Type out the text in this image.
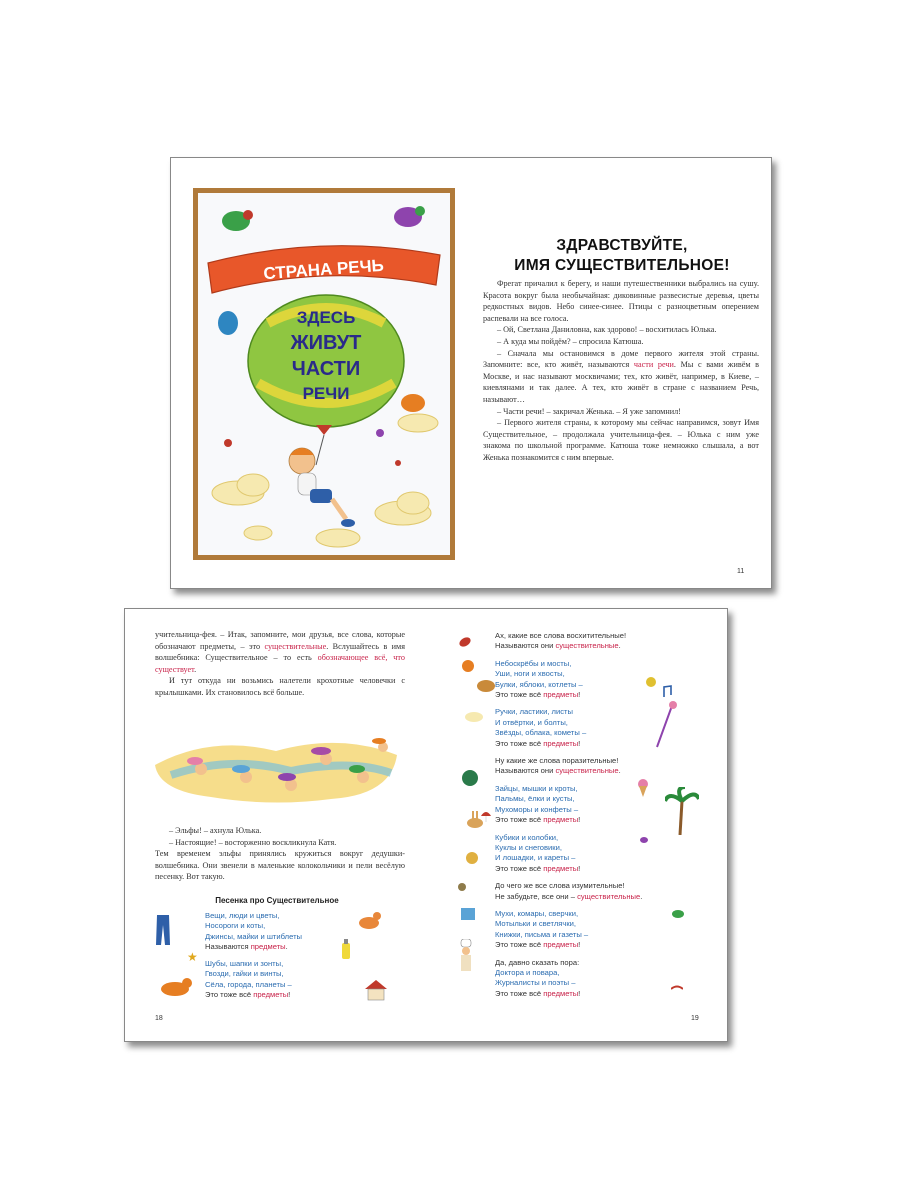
СТРАНА РЕЧЬ
ЗДЕСЬ
ЖИВУТ
ЧАСТИ
РЕЧИ
ЗДРАВСТВУЙТЕ,
ИМЯ СУЩЕСТВИТЕЛЬНОЕ!
Фрегат причалил к берегу, и наши путешественники выбрались на сушу. Красота вокруг была необычайная: диковинные развесистые деревья, цветы редкостных видов. Небо синее-синее. Птицы с разноцветным оперением распевали на все голоса.
– Ой, Светлана Даниловна, как здорово! – восхитилась Юлька.
– А куда мы пойдём? – спросила Катюша.
– Сначала мы остановимся в доме первого жителя этой страны. Запомните: все, кто живёт, называются части речи. Мы с вами живём в Москве, и нас называют москвичами; тех, кто живёт, например, в Киеве, – киевлянами и так далее. А тех, кто живёт в стране с названием Речь, называют…
– Части речи! – закричал Женька. – Я уже запомнил!
– Первого жителя страны, к которому мы сейчас направимся, зовут Имя Существительное, – продолжала учительница-фея. – Юлька с ним уже знакома по школьной программе. Катюша тоже немножко слышала, а вот Женька познакомится с ним впервые.
11
учительница-фея. – Итак, запомните, мои друзья, все слова, которые обозначают предметы, – это существительные. Вслушайтесь в имя волшебника: Существительное – то есть обозначающее всё, что существует.
И тут откуда ни возьмись налетели крохотные человечки с крылышками. Их становилось всё больше.
– Эльфы! – ахнула Юлька.
– Настоящие! – восторженно воскликнула Катя.
Тем временем эльфы принялись кружиться вокруг дедушки-волшебника. Они звенели в маленькие колокольчики и пели весёлую песенку. Вот такую.
Песенка про Существительное
Вещи, люди и цветы,
Носороги и коты,
Джинсы, майки и штиблеты
Называются предметы.
Шубы, шапки и зонты,
Гвозди, гайки и винты,
Сёла, города, планеты –
Это тоже всё предметы!
★
18
Ах, какие все слова восхитительные!
Называются они существительные.
Небоскрёбы и мосты,
Уши, ноги и хвосты,
Булки, яблоки, котлеты –
Это тоже всё предметы!
Ручки, ластики, листы
И отвёртки, и болты,
Звёзды, облака, кометы –
Это тоже всё предметы!
Ну какие же слова поразительные!
Называются они существительные.
Зайцы, мышки и кроты,
Пальмы, ёлки и кусты,
Мухоморы и конфеты –
Это тоже всё предметы!
Кубики и колобки,
Куклы и снеговики,
И лошадки, и кареты –
Это тоже всё предметы!
До чего же все слова изумительные!
Не забудьте, все они – существительные.
Мухи, комары, сверчки,
Мотыльки и светлячки,
Книжки, письма и газеты –
Это тоже всё предметы!
Да, давно сказать пора:
Доктора и повара,
Журналисты и поэты –
Это тоже всё предметы!
19
